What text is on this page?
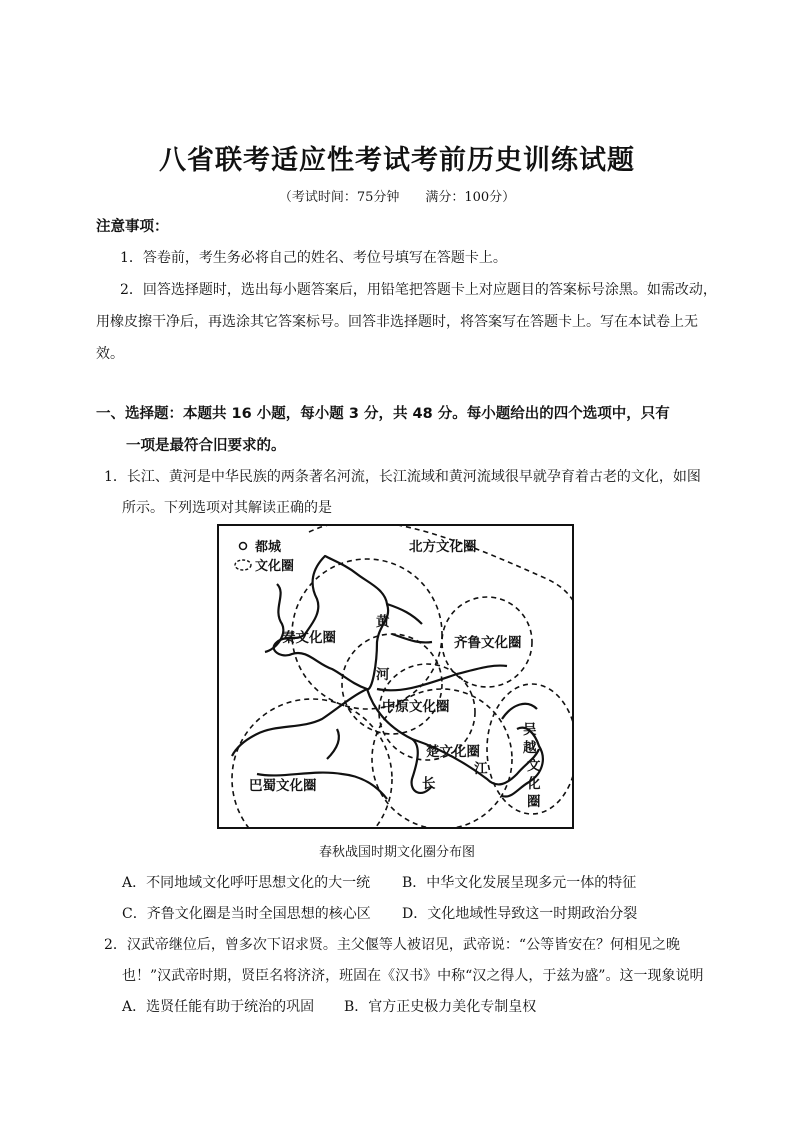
八省联考适应性考试考前历史训练试题
（考试时间：75分钟　　满分：100分）
注意事项：
1．答卷前，考生务必将自己的姓名、考位号填写在答题卡上。
2．回答选择题时，选出每小题答案后，用铅笔把答题卡上对应题目的答案标号涂黑。如需改动，
用橡皮擦干净后，再选涂其它答案标号。回答非选择题时，将答案写在答题卡上。写在本试卷上无
效。
一、选择题：本题共 16 小题，每小题 3 分，共 48 分。每小题给出的四个选项中，只有
一项是最符合旧要求的。
1．长江、黄河是中华民族的两条著名河流，长江流域和黄河流域很早就孕育着古老的文化，如图
所示。下列选项对其解读正确的是
都城
文化圈
北方文化圈
秦文化圈	齐鲁文化圈
中原文化圈
楚文化圈
巴蜀文化圈
黄
河
江
长
吴
越
文
化
圈
春秋战国时期文化圈分布图
A．不同地域文化呼吁思想文化的大一统 B．中华文化发展呈现多元一体的特征
C．齐鲁文化圈是当时全国思想的核心区 D．文化地域性导致这一时期政治分裂
2．汉武帝继位后，曾多次下诏求贤。主父偃等人被诏见，武帝说：“公等皆安在？何相见之晚
也！”汉武帝时期，贤臣名将济济，班固在《汉书》中称“汉之得人，于兹为盛”。这一现象说明
A．选贤任能有助于统治的巩固 B．官方正史极力美化专制皇权
